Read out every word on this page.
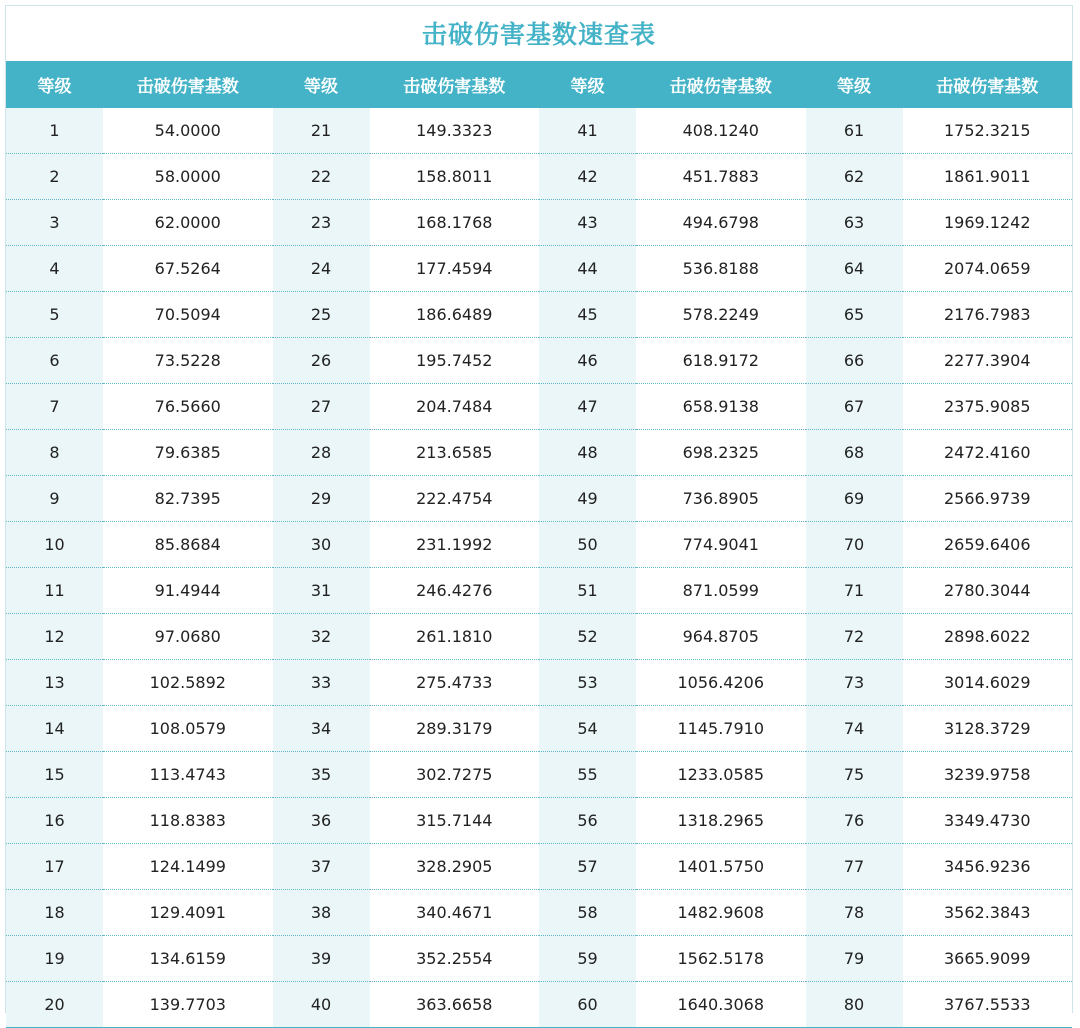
击破伤害基数速查表
等级	击破伤害基数	等级	击破伤害基数	等级	击破伤害基数	等级	击破伤害基数
1	54.0000	21	149.3323	41	408.1240	61	1752.3215
2	58.0000	22	158.8011	42	451.7883	62	1861.9011
3	62.0000	23	168.1768	43	494.6798	63	1969.1242
4	67.5264	24	177.4594	44	536.8188	64	2074.0659
5	70.5094	25	186.6489	45	578.2249	65	2176.7983
6	73.5228	26	195.7452	46	618.9172	66	2277.3904
7	76.5660	27	204.7484	47	658.9138	67	2375.9085
8	79.6385	28	213.6585	48	698.2325	68	2472.4160
9	82.7395	29	222.4754	49	736.8905	69	2566.9739
10	85.8684	30	231.1992	50	774.9041	70	2659.6406
11	91.4944	31	246.4276	51	871.0599	71	2780.3044
12	97.0680	32	261.1810	52	964.8705	72	2898.6022
13	102.5892	33	275.4733	53	1056.4206	73	3014.6029
14	108.0579	34	289.3179	54	1145.7910	74	3128.3729
15	113.4743	35	302.7275	55	1233.0585	75	3239.9758
16	118.8383	36	315.7144	56	1318.2965	76	3349.4730
17	124.1499	37	328.2905	57	1401.5750	77	3456.9236
18	129.4091	38	340.4671	58	1482.9608	78	3562.3843
19	134.6159	39	352.2554	59	1562.5178	79	3665.9099
20	139.7703	40	363.6658	60	1640.3068	80	3767.5533
